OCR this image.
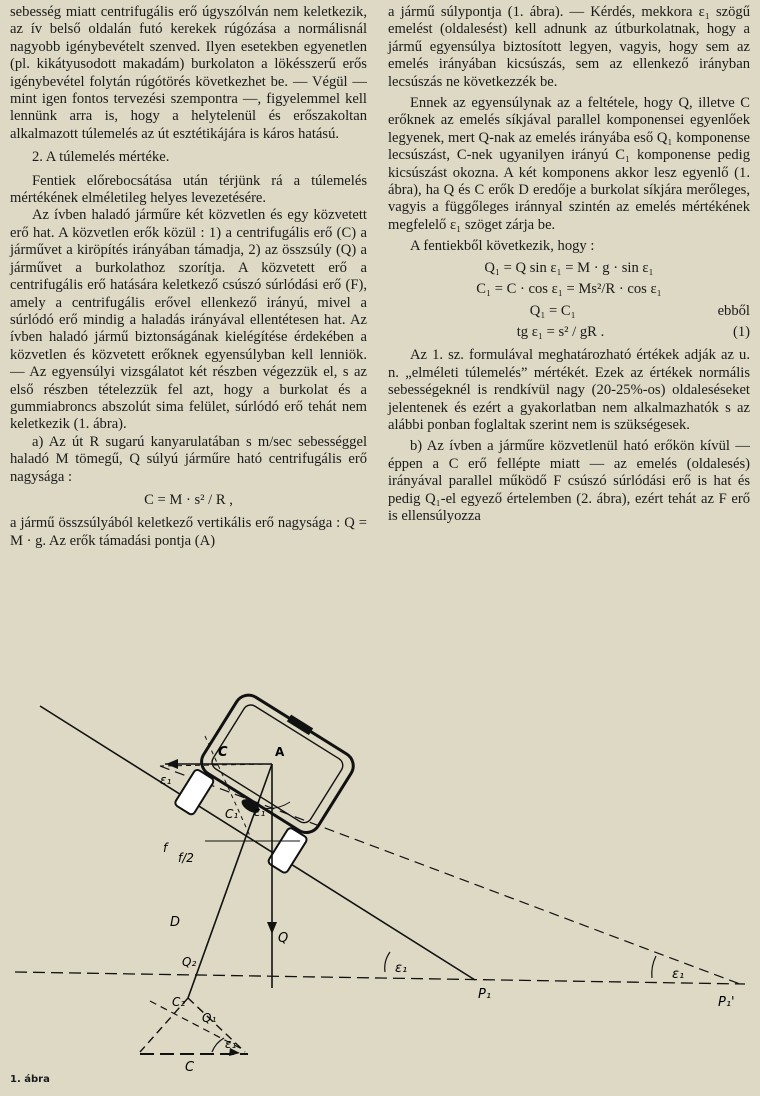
sebesség miatt centrifugális erő úgyszólván nem keletkezik, az ív belső oldalán futó kerekek rúgózása a normálisnál nagyobb igénybevételt szenved. Ilyen esetekben egyenetlen (pl. kikátyusodott makadám) burkolaton a lökésszerű erős igénybevétel folytán rúgótörés következhet be. — Végül — mint igen fontos tervezési szempontra —, figyelemmel kell lennünk arra is, hogy a helytelenül és erőszakoltan alkalmazott túlemelés az út esztétikájára is káros hatású.

2. A túlemelés mértéke.

Fentiek előrebocsátása után térjünk rá a túlemelés mértékének elméletileg helyes levezetésére.

Az ívben haladó járműre két közvetlen és egy közvetett erő hat. A közvetlen erők közül : 1) a centrifugális erő (C) a járművet a kiröpítés irányában támadja, 2) az összsúly (Q) a járművet a burkolathoz szorítja. A közvetett erő a centrifugális erő hatására keletkező csúszó súrlódási erő (F), amely a centrifugális erővel ellenkező irányú, mivel a súrlódó erő mindig a haladás irányával ellentétesen hat. Az ívben haladó jármű biztonságának kielégítése érdekében a közvetlen és közvetett erőknek egyensúlyban kell lenniök. — Az egyensúlyi vizsgálatot két részben végezzük el, s az első részben tételezzük fel azt, hogy a burkolat és a gummiabroncs abszolút sima felület, súrlódó erő tehát nem keletkezik (1. ábra).

a) Az út R sugarú kanyarulatában s m/sec sebességgel haladó M tömegű, Q súlyú járműre ható centrifugális erő nagysága :

C = M · s² / R ,

a jármű összsúlyából keletkező vertikális erő nagysága : Q = M · g. Az erők támadási pontja (A)

a jármű súlypontja (1. ábra). — Kérdés, mekkora ε₁ szögű emelést (oldalesést) kell adnunk az útburkolatnak, hogy a jármű egyensúlya biztosított legyen, vagyis, hogy sem az emelés irányában kicsúszás, sem az ellenkező irányban lecsúszás ne következzék be.

Ennek az egyensúlynak az a feltétele, hogy Q, illetve C erőknek az emelés síkjával parallel komponensei egyenlőek legyenek, mert Q-nak az emelés irányába eső Q₁ komponense lecsúszást, C-nek ugyanilyen irányú C₁ komponense pedig kicsúszást okozna. A két komponens akkor lesz egyenlő (1. ábra), ha Q és C erők D eredője a burkolat síkjára merőleges, vagyis a függőleges iránnyal szintén az emelés mértékének megfelelő ε₁ szöget zárja be.

A fentiekből következik, hogy :

Q₁ = Q sin ε₁ = M · g · sin ε₁
C₁ = C · cos ε₁ = Ms²/R · cos ε₁
Q₁ = C₁	ebből
tg ε₁ = s² / gR .	(1)

Az 1. sz. formulával meghatározható értékek adják az u. n. „elméleti túlemelés” mértékét. Ezek az értékek normális sebességeknél is rendkívül nagy (20-25%-os) oldaleséseket jelentenek és ezért a gyakorlatban nem alkalmazhatók s az alábbi ponban foglaltak szerint nem is szükségesek.

b) Az ívben a járműre közvetlenül ható erőkön kívül — éppen a C erő fellépte miatt — az emelés (oldalesés) irányával parallel működő F csúszó súrlódási erő is hat és pedig Q₁-el egyező értelemben (2. ábra), ezért tehát az F erő is ellensúlyozza

C	A
ε₁
C₁ ε₁
f
f/2
D
Q
Q₂
C₂
Q₁
ε₁
C
ε₁
P₁
ε₁
P₁'
1. ábra
